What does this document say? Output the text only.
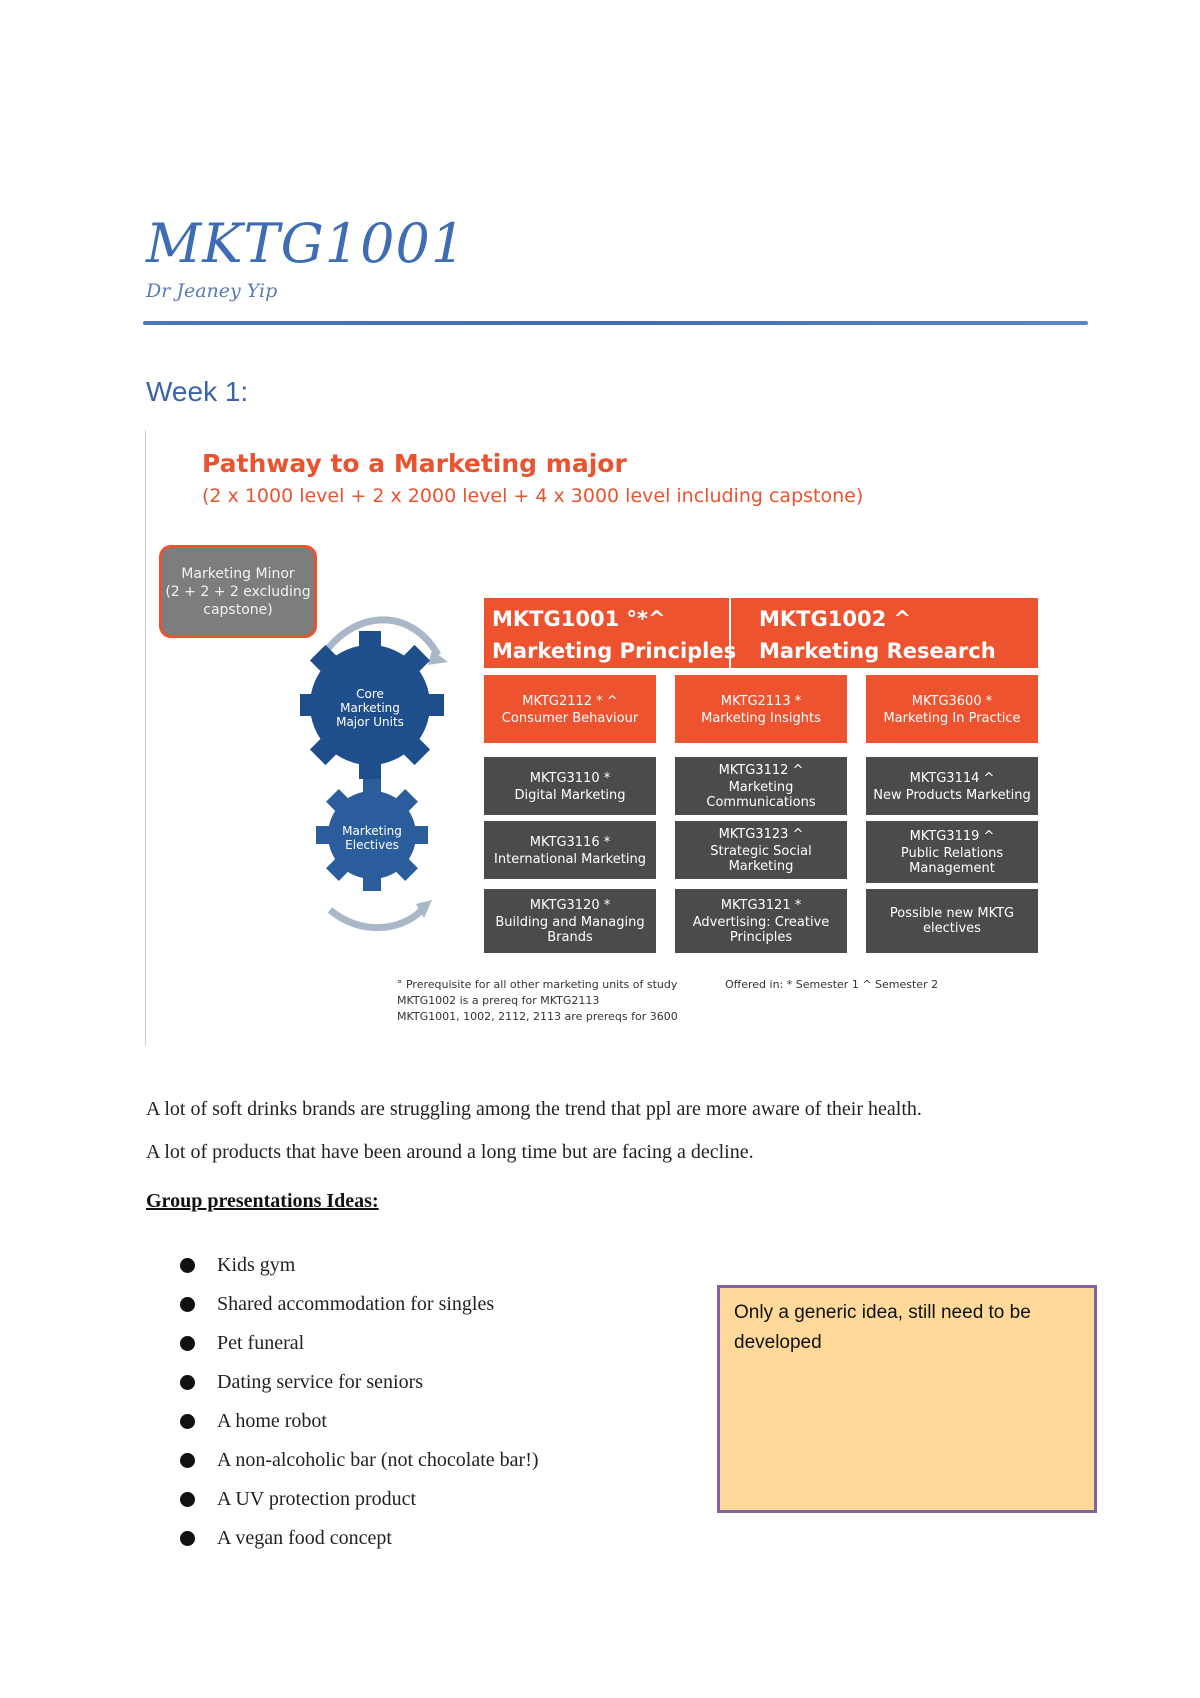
MKTG1001
Dr Jeaney Yip
Week 1:
Pathway to a Marketing major
(2 x 1000 level + 2 x 2000 level + 4 x 3000 level including capstone)
Marketing Minor
(2 + 2 + 2 excluding
capstone)
Core
Marketing
Major Units
Marketing
Electives
MKTG1001 °*^
Marketing Principles
MKTG1002 ^
Marketing Research
MKTG2112 * ^
Consumer Behaviour
MKTG2113 *
Marketing Insights
MKTG3600 *
Marketing In Practice
MKTG3110 *
Digital Marketing
MKTG3112 ^
Marketing Communications
MKTG3114 ^
New Products Marketing
MKTG3116 *
International Marketing
MKTG3123 ^
Strategic Social Marketing
MKTG3119 ^
Public Relations
Management
MKTG3120 *
Building and Managing
Brands
MKTG3121 *
Advertising: Creative
Principles
Possible new MKTG
electives
° Prerequisite for all other marketing units of study	Offered in: * Semester 1 ^ Semester 2
MKTG1002 is a prereq for MKTG2113
MKTG1001, 1002, 2112, 2113 are prereqs for 3600

A lot of soft drinks brands are struggling among the trend that ppl are more aware of their health.

A lot of products that have been around a long time but are facing a decline.

Group presentations Ideas:

Kids gym
Shared accommodation for singles
Pet funeral
Dating service for seniors
A home robot
A non-alcoholic bar (not chocolate bar!)
A UV protection product
A vegan food concept
Only a generic idea, still need to be developed
